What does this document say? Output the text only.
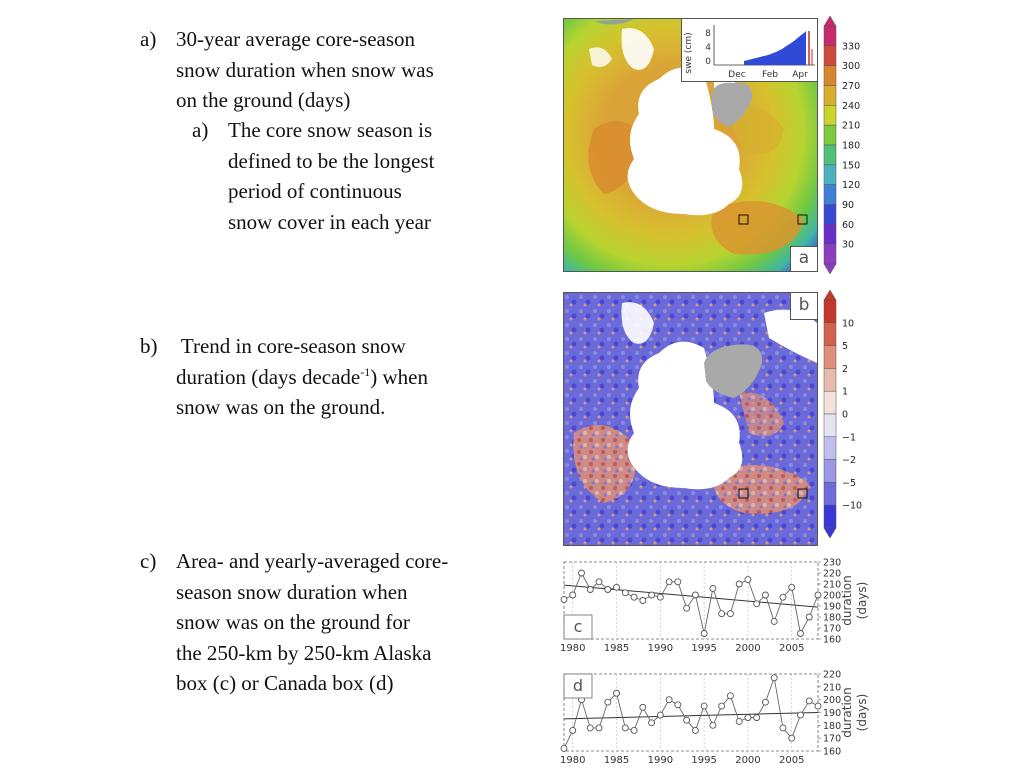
a) 30-year average core-season
snow duration when snow was
on the ground (days)
a) The core snow season is
defined to be the longest
period of continuous
snow cover in each year
b) Trend in core-season snow
duration (days decade$^{-1}$) when
snow was on the ground.
c) Area- and yearly-averaged core-
season snow duration when
snow was on the ground for
the 250-km by 250-km Alaska
box (c) or Canada box (d)
swe (cm) 8
4
0
Dec Feb Apr
a
330
300
270
240
210
180
150
120
90
60
30
b
10
5
2
1
0
−1
−2
−5
−10
1980 1985 1990 1995 2000 2005
230
220
210
200
190
180
170
160
duration (days)
c
1980 1985 1990 1995 2000 2005
220
210
200
190
180
170
160
duration (days)
d
